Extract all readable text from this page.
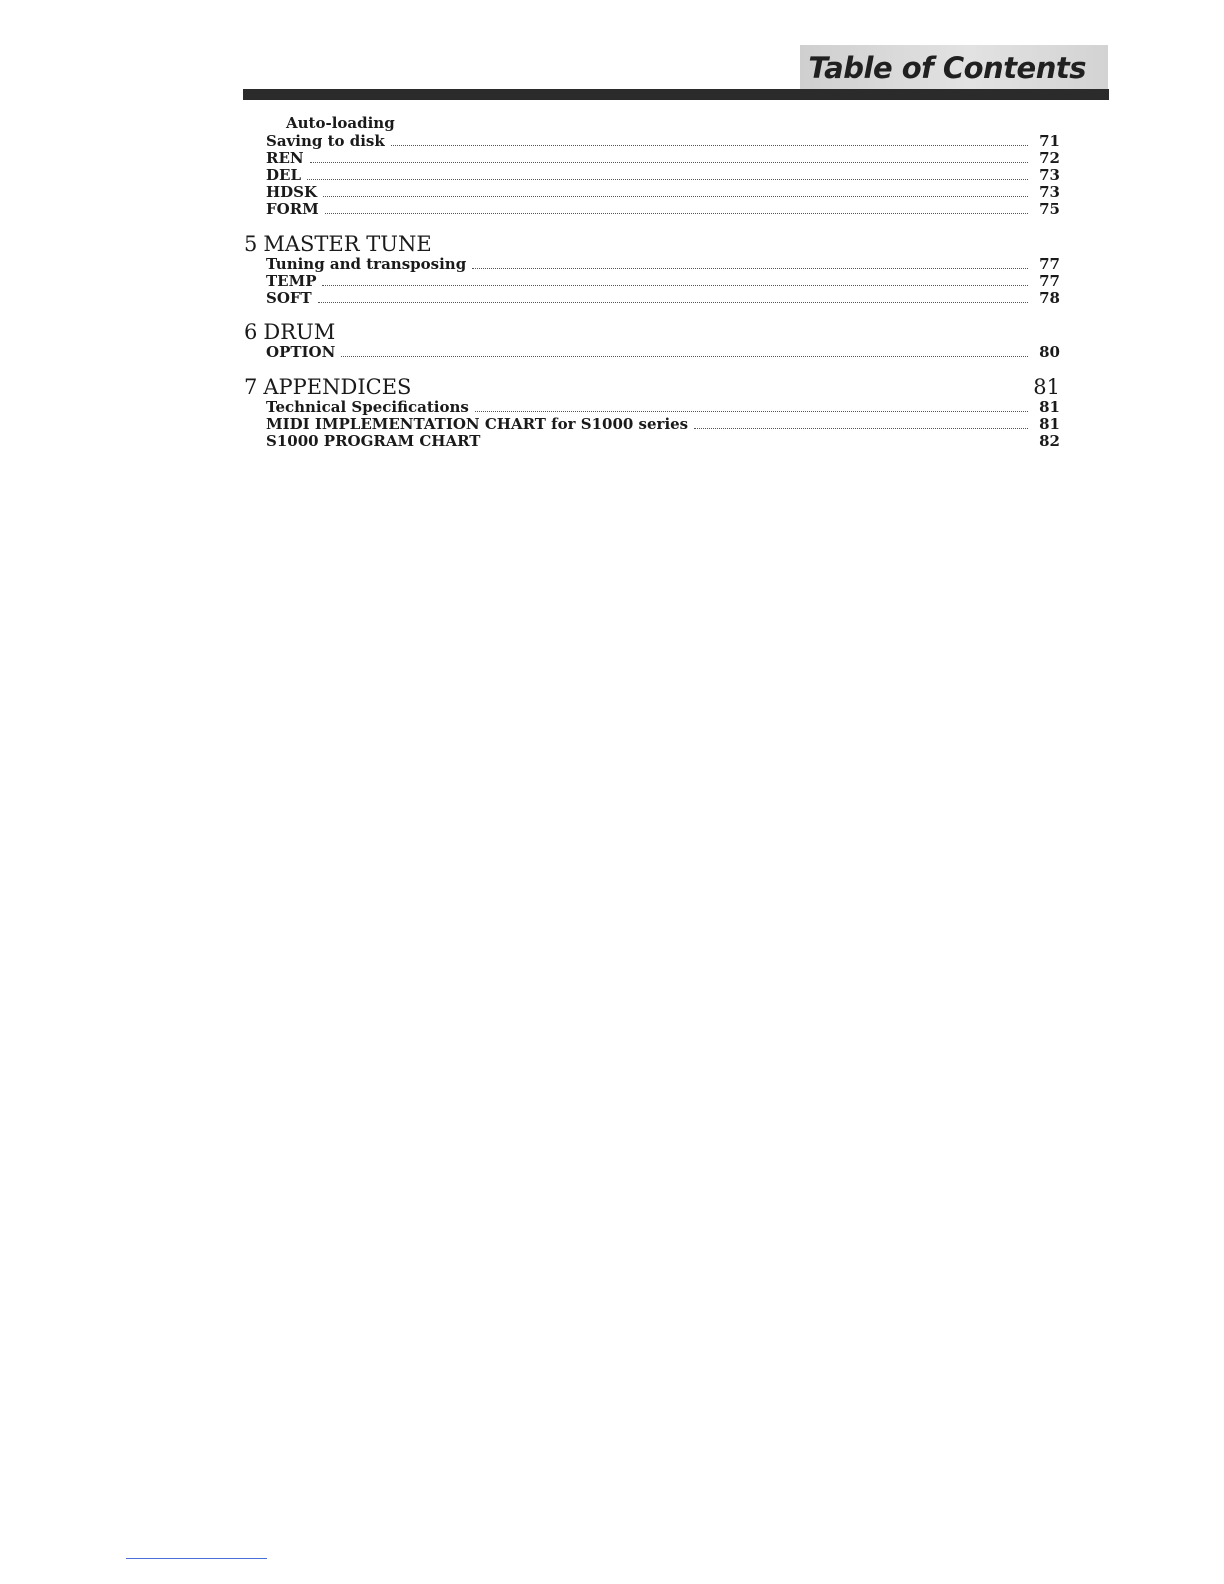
Table of Contents
Auto-loading
Saving to disk	71
REN	72
DEL	73
HDSK	73
FORM	75
5 MASTER TUNE
Tuning and transposing	77
TEMP	77
SOFT	78
6 DRUM
OPTION	80
7 APPENDICES	81
Technical Specifications	81
MIDI IMPLEMENTATION CHART for S1000 series	81
S1000 PROGRAM CHART	82
